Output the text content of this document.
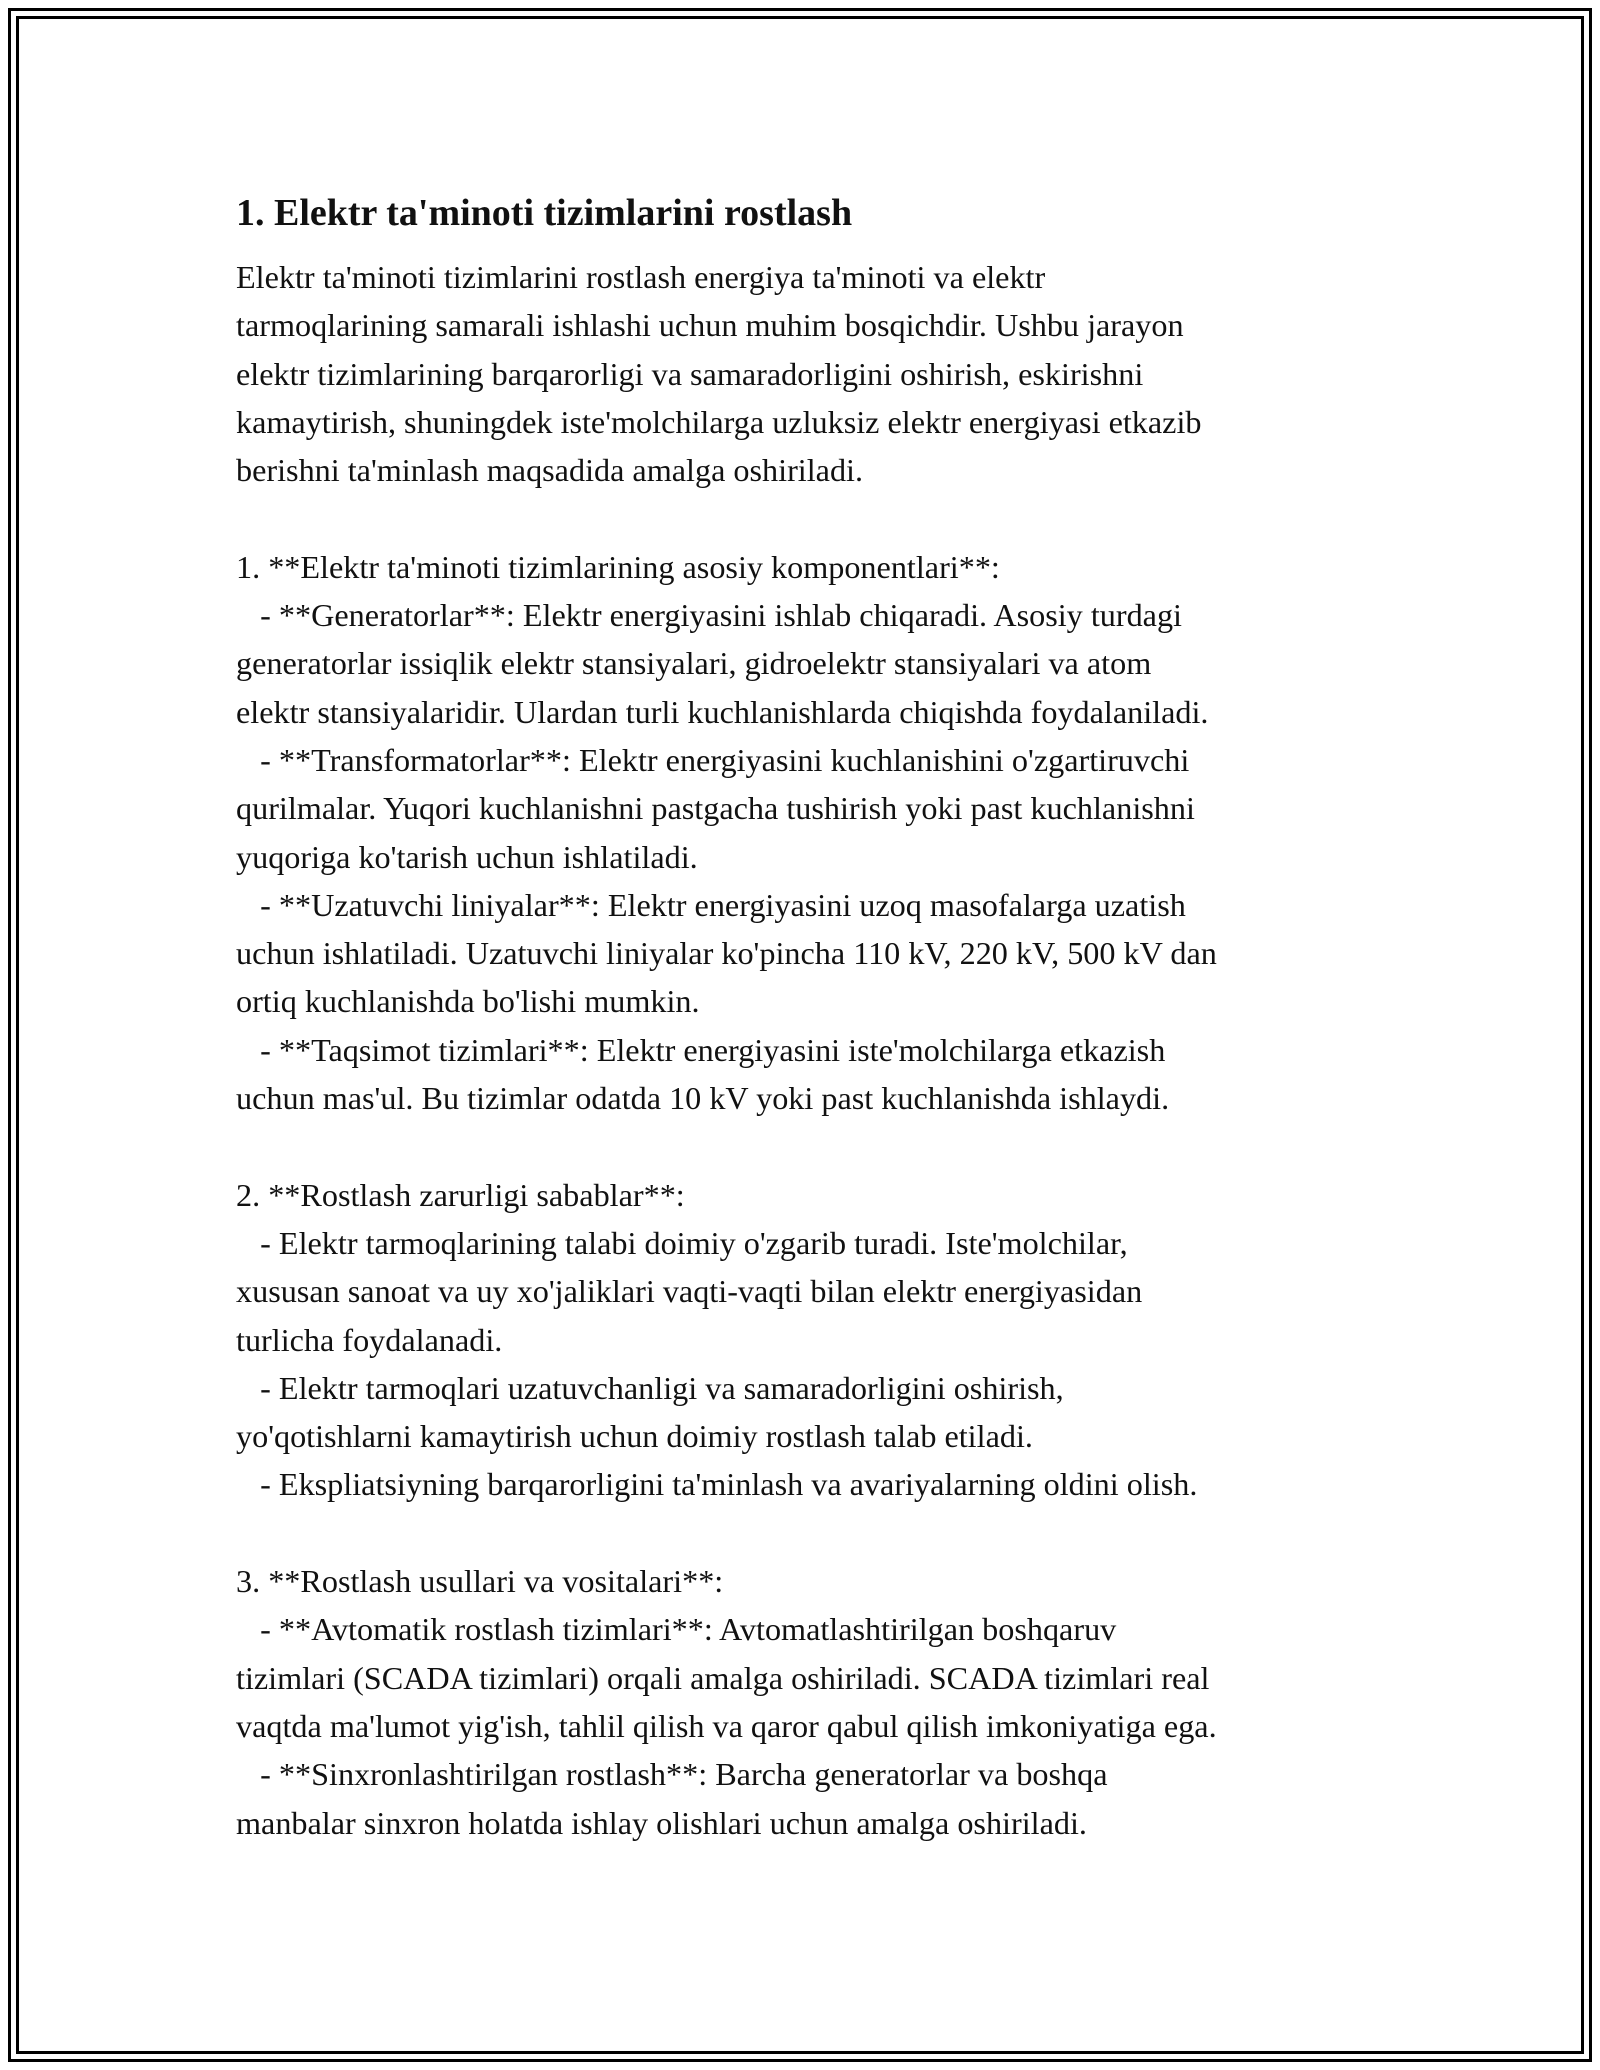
1. Elektr ta'minoti tizimlarini rostlash
Elektr ta'minoti tizimlarini rostlash energiya ta'minoti va elektr
tarmoqlarining samarali ishlashi uchun muhim bosqichdir. Ushbu jarayon
elektr tizimlarining barqarorligi va samaradorligini oshirish, eskirishni
kamaytirish, shuningdek iste'molchilarga uzluksiz elektr energiyasi etkazib
berishni ta'minlash maqsadida amalga oshiriladi.
1. **Elektr ta'minoti tizimlarining asosiy komponentlari**:
- **Generatorlar**: Elektr energiyasini ishlab chiqaradi. Asosiy turdagi
generatorlar issiqlik elektr stansiyalari, gidroelektr stansiyalari va atom
elektr stansiyalaridir. Ulardan turli kuchlanishlarda chiqishda foydalaniladi.
- **Transformatorlar**: Elektr energiyasini kuchlanishini o'zgartiruvchi
qurilmalar. Yuqori kuchlanishni pastgacha tushirish yoki past kuchlanishni
yuqoriga ko'tarish uchun ishlatiladi.
- **Uzatuvchi liniyalar**: Elektr energiyasini uzoq masofalarga uzatish
uchun ishlatiladi. Uzatuvchi liniyalar ko'pincha 110 kV, 220 kV, 500 kV dan
ortiq kuchlanishda bo'lishi mumkin.
- **Taqsimot tizimlari**: Elektr energiyasini iste'molchilarga etkazish
uchun mas'ul. Bu tizimlar odatda 10 kV yoki past kuchlanishda ishlaydi.
2. **Rostlash zarurligi sabablar**:
- Elektr tarmoqlarining talabi doimiy o'zgarib turadi. Iste'molchilar,
xususan sanoat va uy xo'jaliklari vaqti-vaqti bilan elektr energiyasidan
turlicha foydalanadi.
- Elektr tarmoqlari uzatuvchanligi va samaradorligini oshirish,
yo'qotishlarni kamaytirish uchun doimiy rostlash talab etiladi.
- Ekspliatsiyning barqarorligini ta'minlash va avariyalarning oldini olish.
3. **Rostlash usullari va vositalari**:
- **Avtomatik rostlash tizimlari**: Avtomatlashtirilgan boshqaruv
tizimlari (SCADA tizimlari) orqali amalga oshiriladi. SCADA tizimlari real
vaqtda ma'lumot yig'ish, tahlil qilish va qaror qabul qilish imkoniyatiga ega.
- **Sinxronlashtirilgan rostlash**: Barcha generatorlar va boshqa
manbalar sinxron holatda ishlay olishlari uchun amalga oshiriladi.
